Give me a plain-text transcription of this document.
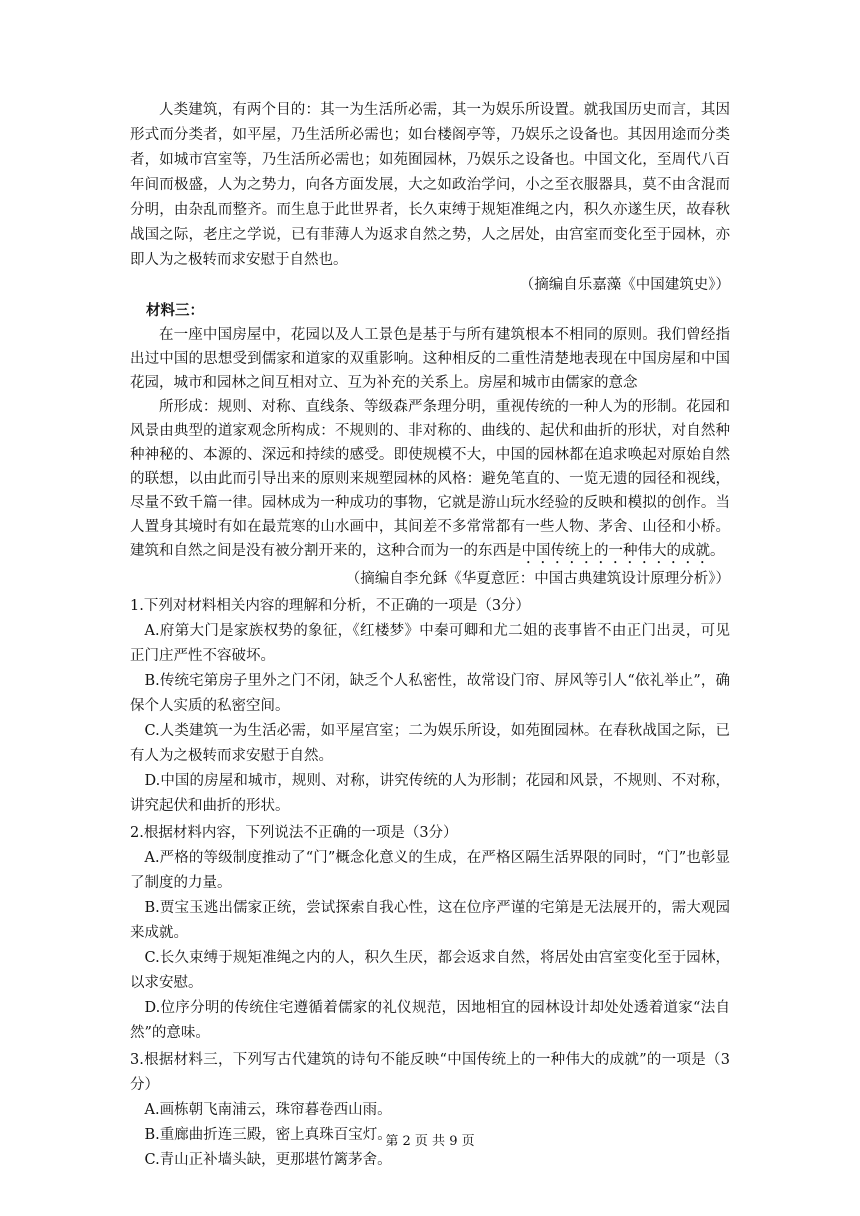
人类建筑，有两个目的：其一为生活所必需，其一为娱乐所设置。就我国历史而言，其因形式而分类者，如平屋，乃生活所必需也；如台楼阁亭等，乃娱乐之设备也。其因用途而分类者，如城市宫室等，乃生活所必需也；如苑囿园林，乃娱乐之设备也。中国文化，至周代八百年间而极盛，人为之势力，向各方面发展，大之如政治学问，小之至衣服器具，莫不由含混而分明，由杂乱而整齐。而生息于此世界者，长久束缚于规矩准绳之内，积久亦遂生厌，故春秋战国之际，老庄之学说，已有菲薄人为返求自然之势，人之居处，由宫室而变化至于园林，亦即人为之极转而求安慰于自然也。

（摘编自乐嘉藻《中国建筑史》）

材料三：

在一座中国房屋中，花园以及人工景色是基于与所有建筑根本不相同的原则。我们曾经指出过中国的思想受到儒家和道家的双重影响。这种相反的二重性清楚地表现在中国房屋和中国花园，城市和园林之间互相对立、互为补充的关系上。房屋和城市由儒家的意念

所形成：规则、对称、直线条、等级森严条理分明，重视传统的一种人为的形制。花园和风景由典型的道家观念所构成：不规则的、非对称的、曲线的、起伏和曲折的形状，对自然种种神秘的、本源的、深远和持续的感受。即使规模不大，中国的园林都在追求唤起对原始自然的联想，以由此而引导出来的原则来规塑园林的风格：避免笔直的、一览无遗的园径和视线，尽量不致千篇一律。园林成为一种成功的事物，它就是游山玩水经验的反映和模拟的创作。当人置身其境时有如在最荒寒的山水画中，其间差不多常常都有一些人物、茅舍、山径和小桥。建筑和自然之间是没有被分割开来的，这种合而为一的东西是中国传统上的一种伟大的成就。

（摘编自李允鉌《华夏意匠：中国古典建筑设计原理分析》）

1.下列对材料相关内容的理解和分析，不正确的一项是（3分）

A.府第大门是家族权势的象征，《红楼梦》中秦可卿和尤二姐的丧事皆不由正门出灵，可见正门庄严性不容破坏。

B.传统宅第房子里外之门不闭，缺乏个人私密性，故常设门帘、屏风等引人“依礼举止”，确保个人实质的私密空间。

C.人类建筑一为生活必需，如平屋宫室；二为娱乐所设，如苑囿园林。在春秋战国之际，已有人为之极转而求安慰于自然。

D.中国的房屋和城市，规则、对称，讲究传统的人为形制；花园和风景，不规则、不对称，讲究起伏和曲折的形状。

2.根据材料内容，下列说法不正确的一项是（3分）

A.严格的等级制度推动了“门”概念化意义的生成，在严格区隔生活界限的同时，“门”也彰显了制度的力量。

B.贾宝玉逃出儒家正统，尝试探索自我心性，这在位序严谨的宅第是无法展开的，需大观园来成就。

C.长久束缚于规矩准绳之内的人，积久生厌，都会返求自然，将居处由宫室变化至于园林，以求安慰。

D.位序分明的传统住宅遵循着儒家的礼仪规范，因地相宜的园林设计却处处透着道家“法自然”的意味。

3.根据材料三，下列写古代建筑的诗句不能反映“中国传统上的一种伟大的成就”的一项是（3分）

A.画栋朝飞南浦云，珠帘暮卷西山雨。

B.重廊曲折连三殿，密上真珠百宝灯。

C.青山正补墙头缺，更那堪竹篱茅舍。

第 2 页 共 9 页
